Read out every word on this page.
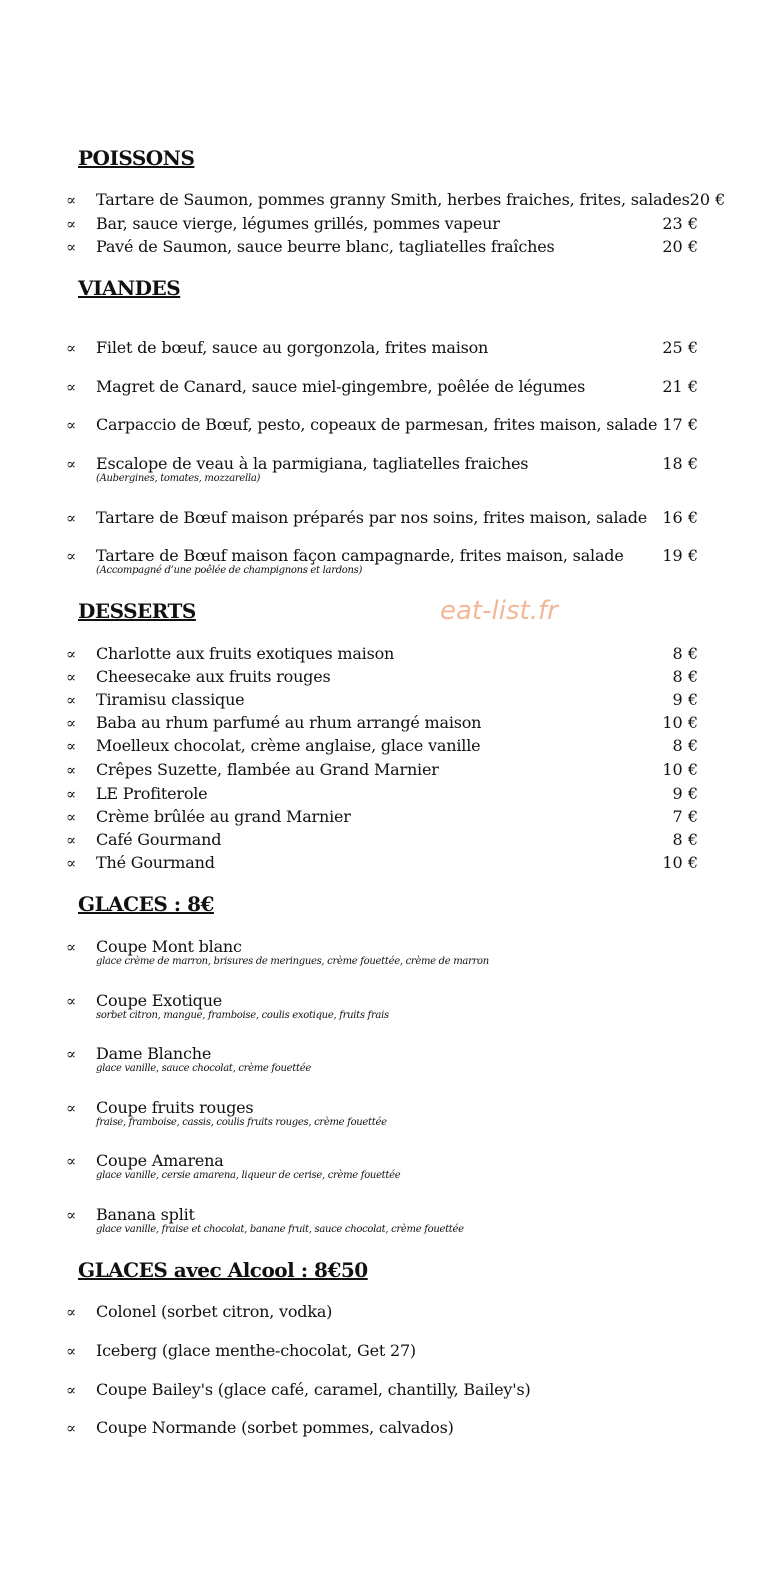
POISSONS
∝	Tartare de Saumon, pommes granny Smith, herbes fraiches, frites, salades 20 €
∝	Bar, sauce vierge, légumes grillés, pommes vapeur	23 €
∝	Pavé de Saumon, sauce beurre blanc, tagliatelles fraîches	20 €
VIANDES
∝	Filet de bœuf, sauce au gorgonzola, frites maison	25 €
∝	Magret de Canard, sauce miel-gingembre, poêlée de légumes	21 €
∝	Carpaccio de Bœuf, pesto, copeaux de parmesan, frites maison, salade 17 €
∝	Escalope de veau à la parmigiana, tagliatelles fraiches	18 €
(Aubergines, tomates, mozzarella)
∝	Tartare de Bœuf maison préparés par nos soins, frites maison, salade 16 €
∝	Tartare de Bœuf maison façon campagnarde, frites maison, salade	19 €
(Accompagné d’une poêlée de champignons et lardons)
DESSERTS	eat-list.fr
∝	Charlotte aux fruits exotiques maison	8 €
∝	Cheesecake aux fruits rouges	8 €
∝	Tiramisu classique	9 €
∝	Baba au rhum parfumé au rhum arrangé maison	10 €
∝	Moelleux chocolat, crème anglaise, glace vanille	8 €
∝	Crêpes Suzette, flambée au Grand Marnier	10 €
∝	LE Profiterole	9 €
∝	Crème brûlée au grand Marnier	7 €
∝	Café Gourmand	8 €
∝	Thé Gourmand	10 €
GLACES : 8€
∝	Coupe Mont blanc
glace crème de marron, brisures de meringues, crème fouettée, crème de marron
∝	Coupe Exotique
sorbet citron, mangue, framboise, coulis exotique, fruits frais
∝	Dame Blanche
glace vanille, sauce chocolat, crème fouettée
∝	Coupe fruits rouges
fraise, framboise, cassis, coulis fruits rouges, crème fouettée
∝	Coupe Amarena
glace vanille, cersie amarena, liqueur de cerise, crème fouettée
∝	Banana split
glace vanille, fraise et chocolat, banane fruit, sauce chocolat, crème fouettée
GLACES avec Alcool : 8€50
∝	Colonel (sorbet citron, vodka)
∝	Iceberg (glace menthe-chocolat, Get 27)
∝	Coupe Bailey's (glace café, caramel, chantilly, Bailey's)
∝	Coupe Normande (sorbet pommes, calvados)
